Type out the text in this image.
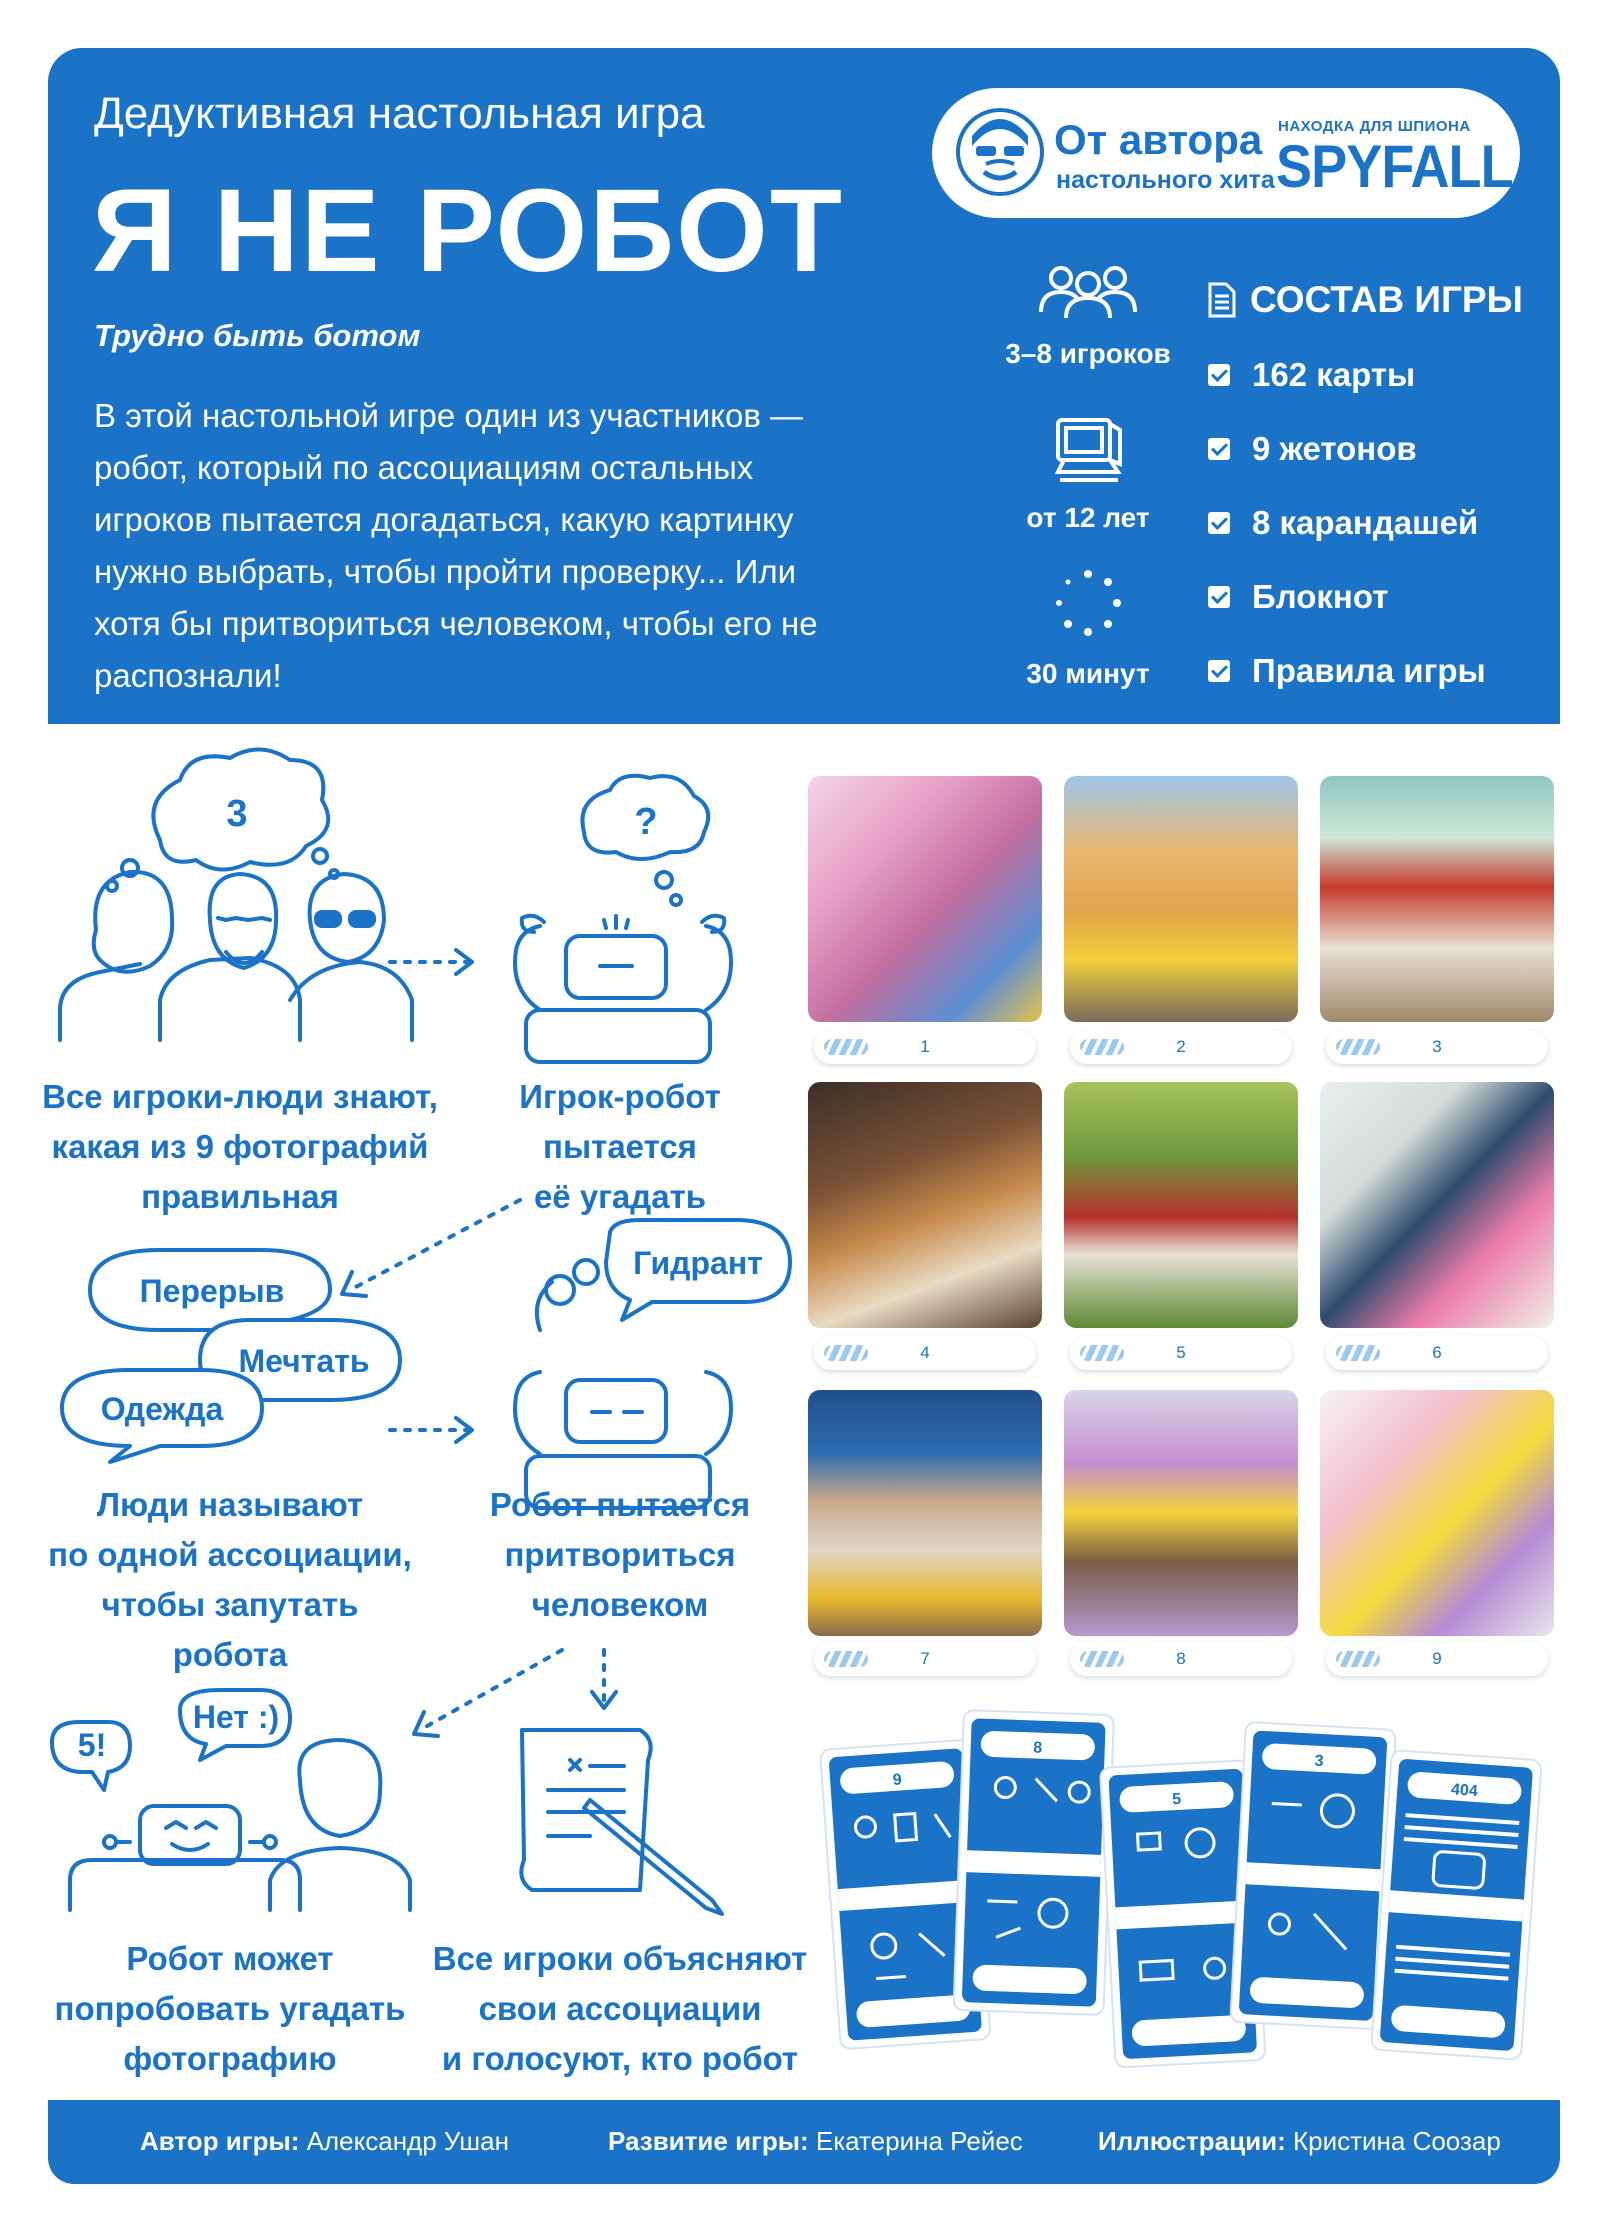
Дедуктивная настольная игра
Я НЕ РОБОТ
Трудно быть ботом
В этой настольной игре один из участников — робот, который по ассоциациям остальных игроков пытается догадаться, какую картинку нужно выбрать, чтобы пройти проверку... Или хотя бы притвориться человеком, чтобы его не распознали!
От автора
настольного хита
НАХОДКА ДЛЯ ШПИОНА
SPYFALL
3–8 игроков
от 12 лет
30 минут
СОСТАВ ИГРЫ
162 карты
9 жетонов
8 карандашей
Блокнот
Правила игры
3	?
Перерыв
Мечтать
Одежда
Гидрант
5!
Нет :)
Все игроки-люди знают,
какая из 9 фотографий
правильная
Игрок-робот
пытается
её угадать
Люди называют
по одной ассоциации,
чтобы запутать
робота
Робот пытается
притвориться
человеком
Робот может
попробовать угадать
фотографию
Все игроки объясняют
свои ассоциации
и голосуют, кто робот
1	2	3
4	5	6
7	8	9
9
8
5
3
404
Автор игры: Александр Ушан	Развитие игры: Екатерина Рейес	Иллюстрации: Кристина Соозар
